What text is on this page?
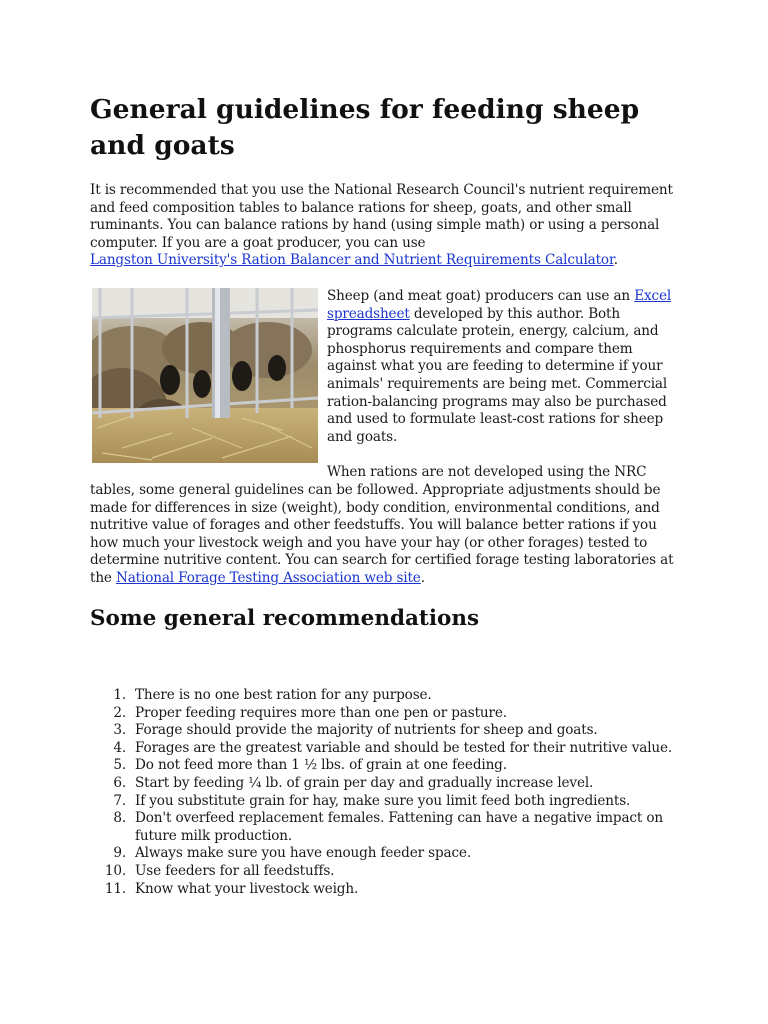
General guidelines for feeding sheep and goats

It is recommended that you use the National Research Council's nutrient requirement and feed composition tables to balance rations for sheep, goats, and other small ruminants. You can balance rations by hand (using simple math) or using a personal computer. If you are a goat producer, you can use Langston University's Ration Balancer and Nutrient Requirements Calculator.

Sheep (and meat goat) producers can use an Excel spreadsheet developed by this author. Both programs calculate protein, energy, calcium, and phosphorus requirements and compare them against what you are feeding to determine if your animals' requirements are being met. Commercial ration-balancing programs may also be purchased and used to formulate least-cost rations for sheep and goats.

When rations are not developed using the NRC

tables, some general guidelines can be followed. Appropriate adjustments should be made for differences in size (weight), body condition, environmental conditions, and nutritive value of forages and other feedstuffs. You will balance better rations if you how much your livestock weigh and you have your hay (or other forages) tested to determine nutritive content. You can search for certified forage testing laboratories at the National Forage Testing Association web site.

Some general recommendations
1. There is no one best ration for any purpose.
2. Proper feeding requires more than one pen or pasture.
3. Forage should provide the majority of nutrients for sheep and goats.
4. Forages are the greatest variable and should be tested for their nutritive value.
5. Do not feed more than 1 ½ lbs. of grain at one feeding.
6. Start by feeding ¼ lb. of grain per day and gradually increase level.
7. If you substitute grain for hay, make sure you limit feed both ingredients.
8. Don't overfeed replacement females. Fattening can have a negative impact on future milk production.
9. Always make sure you have enough feeder space.
10. Use feeders for all feedstuffs.
11. Know what your livestock weigh.
